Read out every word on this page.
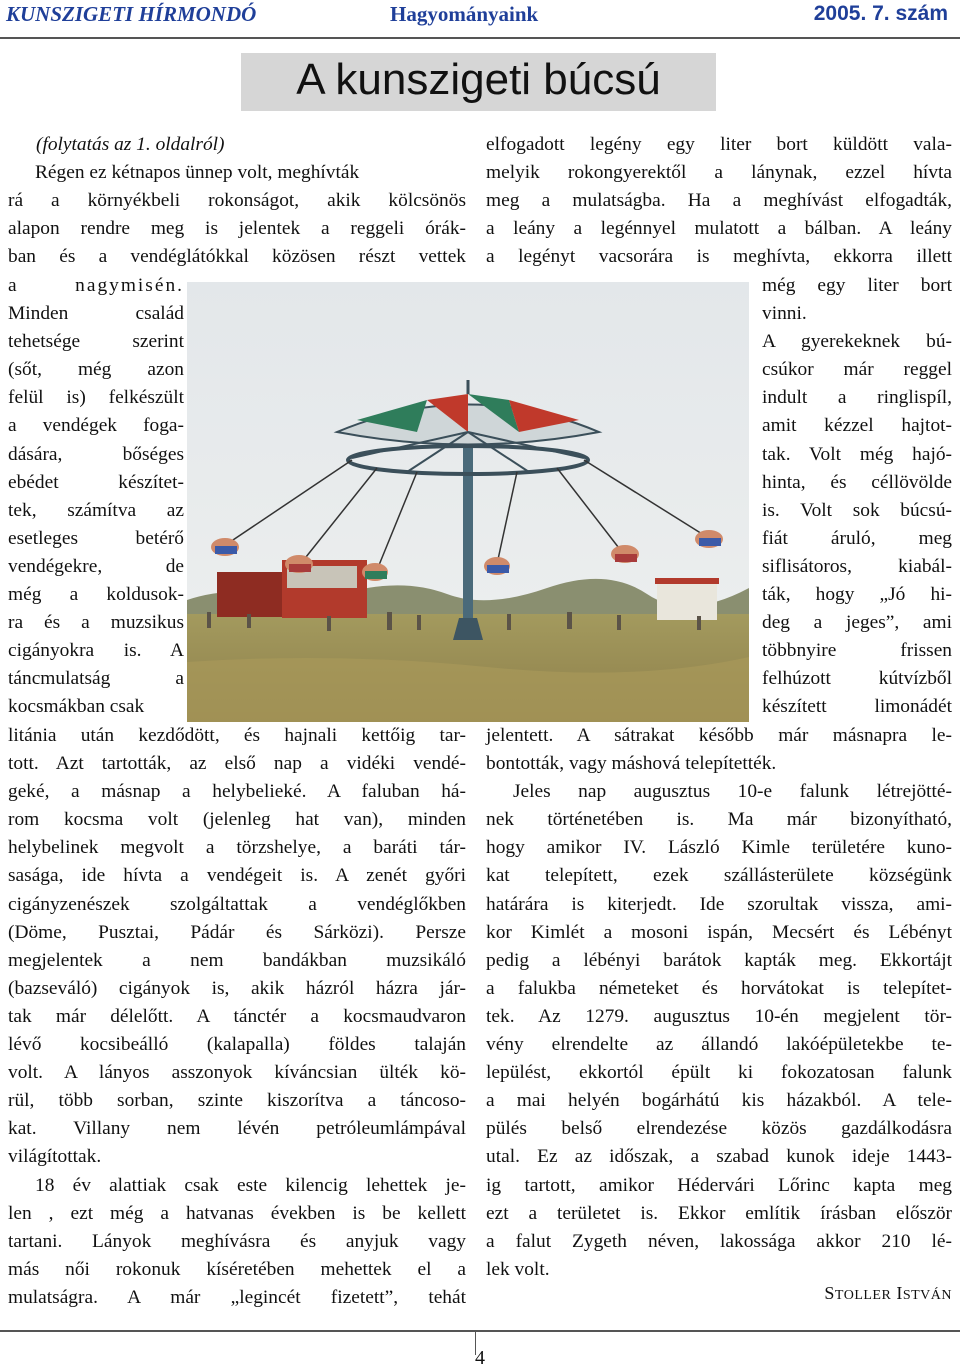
KUNSZIGETI HÍRMONDÓ	Hagyományaink	2005. 7. szám
A kunszigeti búcsú
(folytatás az 1. oldalról)
Régen ez kétnapos ünnep volt, meghívták
rá a környékbeli rokonságot, akik kölcsönös
alapon rendre meg is jelentek a reggeli órák-
ban és a vendéglátókkal közösen részt vettek
a nagymisén.
Minden család
tehetsége szerint
(sőt, még azon
felül is) felkészült
a vendégek foga-
dására, bőséges
ebédet készítet-
tek, számítva az
esetleges betérő
vendégekre, de
még a koldusok-
ra és a muzsikus
cigányokra is. A
táncmulatság a
kocsmákban csak
litánia után kezdődött, és hajnali kettőig tar-
tott. Azt tartották, az első nap a vidéki vendé-
geké, a másnap a helybelieké. A faluban há-
rom kocsma volt (jelenleg hat van), minden
helybelinek megvolt a törzshelye, a baráti tár-
sasága, ide hívta a vendégeit is. A zenét győri
cigányzenészek szolgáltattak a vendéglőkben
(Döme, Pusztai, Pádár és Sárközi). Persze
megjelentek a nem bandákban muzsikáló
(bazseváló) cigányok is, akik házról házra jár-
tak már délelőtt. A tánctér a kocsmaudvaron
lévő kocsibeálló (kalapalla) földes talaján
volt. A lányos asszonyok kíváncsian ülték kö-
rül, több sorban, szinte kiszorítva a táncoso-
kat. Villany nem lévén petróleumlámpával
világítottak.
18 év alattiak csak este kilencig lehettek je-
len , ezt még a hatvanas években is be kellett
tartani. Lányok meghívásra és anyjuk vagy
más női rokonuk kíséretében mehettek el a
mulatságra. A már „legincét fizetett”, tehát
elfogadott legény egy liter bort küldött vala-
melyik rokongyerektől a lánynak, ezzel hívta
meg a mulatságba. Ha a meghívást elfogadták,
a leány a legénnyel mulatott a bálban. A leány
a legényt vacsorára is meghívta, ekkorra illett
még egy liter bort
vinni.
A gyerekeknek bú-
csúkor már reggel
indult a ringlispíl,
amit kézzel hajtot-
tak. Volt még hajó-
hinta, és céllövölde
is. Volt sok búcsú-
fiát áruló, meg
siflisátoros, kiabál-
ták, hogy „Jó hi-
deg a jeges”, ami
többnyire frissen
felhúzott kútvízből
készített limonádét
jelentett. A sátrakat később már másnapra le-
bontották, vagy máshová telepítették.
Jeles nap augusztus 10-e falunk létrejötté-
nek történetében is. Ma már bizonyítható,
hogy amikor IV. László Kimle területére kuno-
kat telepített, ezek szállásterülete községünk
határára is kiterjedt. Ide szorultak vissza, ami-
kor Kimlét a mosoni ispán, Mecsért és Lébényt
pedig a lébényi barátok kapták meg. Ekkortájt
a falukba németeket és horvátokat is telepítet-
tek. Az 1279. augusztus 10-én megjelent tör-
vény elrendelte az állandó lakóépületekbe te-
lepülést, ekkortól épült ki fokozatosan falunk
a mai helyén bogárhátú kis házakból. A tele-
pülés belső elrendezése közös gazdálkodásra
utal. Ez az időszak, a szabad kunok ideje 1443-
ig tartott, amikor Hédervári Lőrinc kapta meg
ezt a területet is. Ekkor említik írásban először
a falut Zygeth néven, lakossága akkor 210 lé-
lek volt.
STOLLER ISTVÁN
4
